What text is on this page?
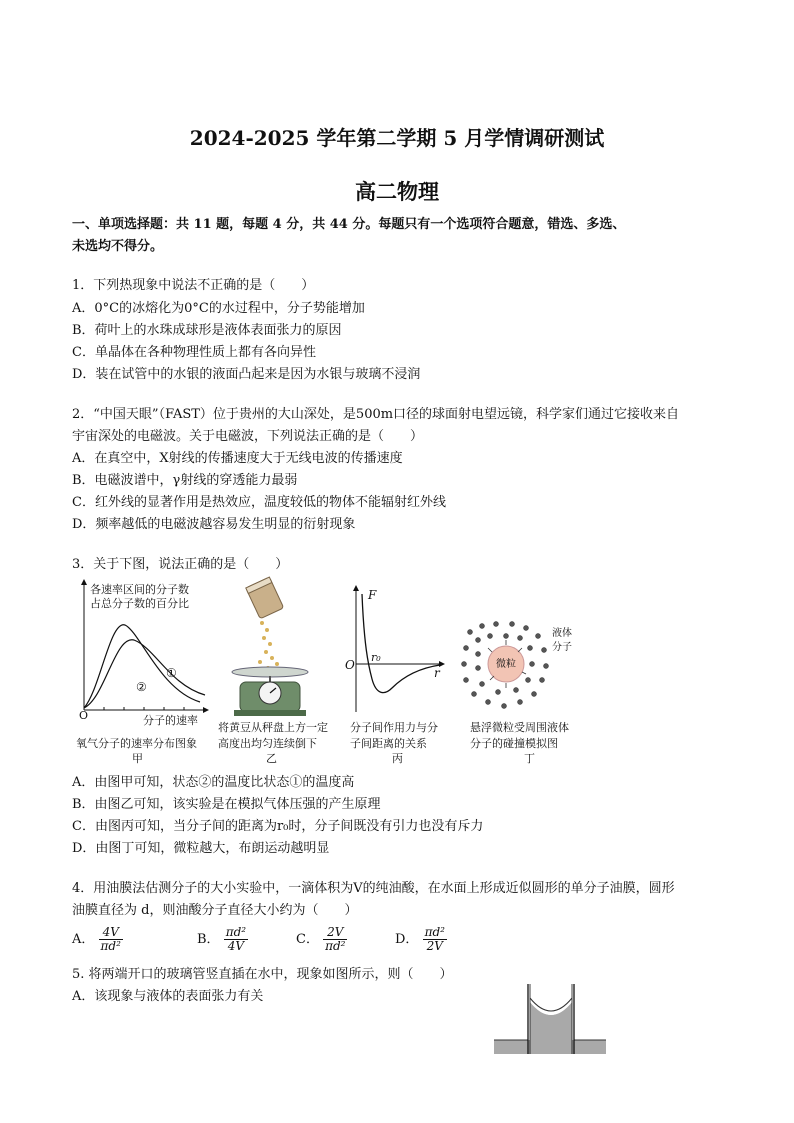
2024-2025 学年第二学期 5 月学情调研测试
高二物理
一、单项选择题：共 11 题，每题 4 分，共 44 分。每题只有一个选项符合题意，错选、多选、
未选均不得分。
1．下列热现象中说法不正确的是（　　）
A．0°C的冰熔化为0°C的水过程中，分子势能增加
B．荷叶上的水珠成球形是液体表面张力的原因
C．单晶体在各种物理性质上都有各向异性
D．装在试管中的水银的液面凸起来是因为水银与玻璃不浸润
2．“中国天眼”（FAST）位于贵州的大山深处，是500m口径的球面射电望远镜，科学家们通过它接收来自
宇宙深处的电磁波。关于电磁波，下列说法正确的是（　　）
A．在真空中，X射线的传播速度大于无线电波的传播速度
B．电磁波谱中，γ射线的穿透能力最弱
C．红外线的显著作用是热效应，温度较低的物体不能辐射红外线
D．频率越低的电磁波越容易发生明显的衍射现象
3．关于下图，说法正确的是（　　）
各速率区间的分子数
占总分子数的百分比
O
①
②
分子的速率
氧气分子的速率分布图象
甲
将黄豆从秤盘上方一定
高度出均匀连续倒下
乙
F
O
r₀
r
分子间作用力与分
子间距离的关系
丙
微粒
液体
分子
悬浮微粒受周围液体
分子的碰撞模拟图
丁
A．由图甲可知，状态②的温度比状态①的温度高
B．由图乙可知，该实验是在模拟气体压强的产生原理
C．由图丙可知，当分子间的距离为r₀时，分子间既没有引力也没有斥力
D．由图丁可知，微粒越大，布朗运动越明显
4．用油膜法估测分子的大小实验中，一滴体积为V的纯油酸，在水面上形成近似圆形的单分子油膜，圆形
油膜直径为 d，则油酸分子直径大小约为（　　）
A． $\frac{4V}{\text{πd²}}$	B． $\frac{\text{πd²}}{4V}$	C． $\frac{2V}{\text{πd²}}$	D． $\frac{\text{πd²}}{2V}$
5. 将两端开口的玻璃管竖直插在水中，现象如图所示，则（　　）
A．该现象与液体的表面张力有关
